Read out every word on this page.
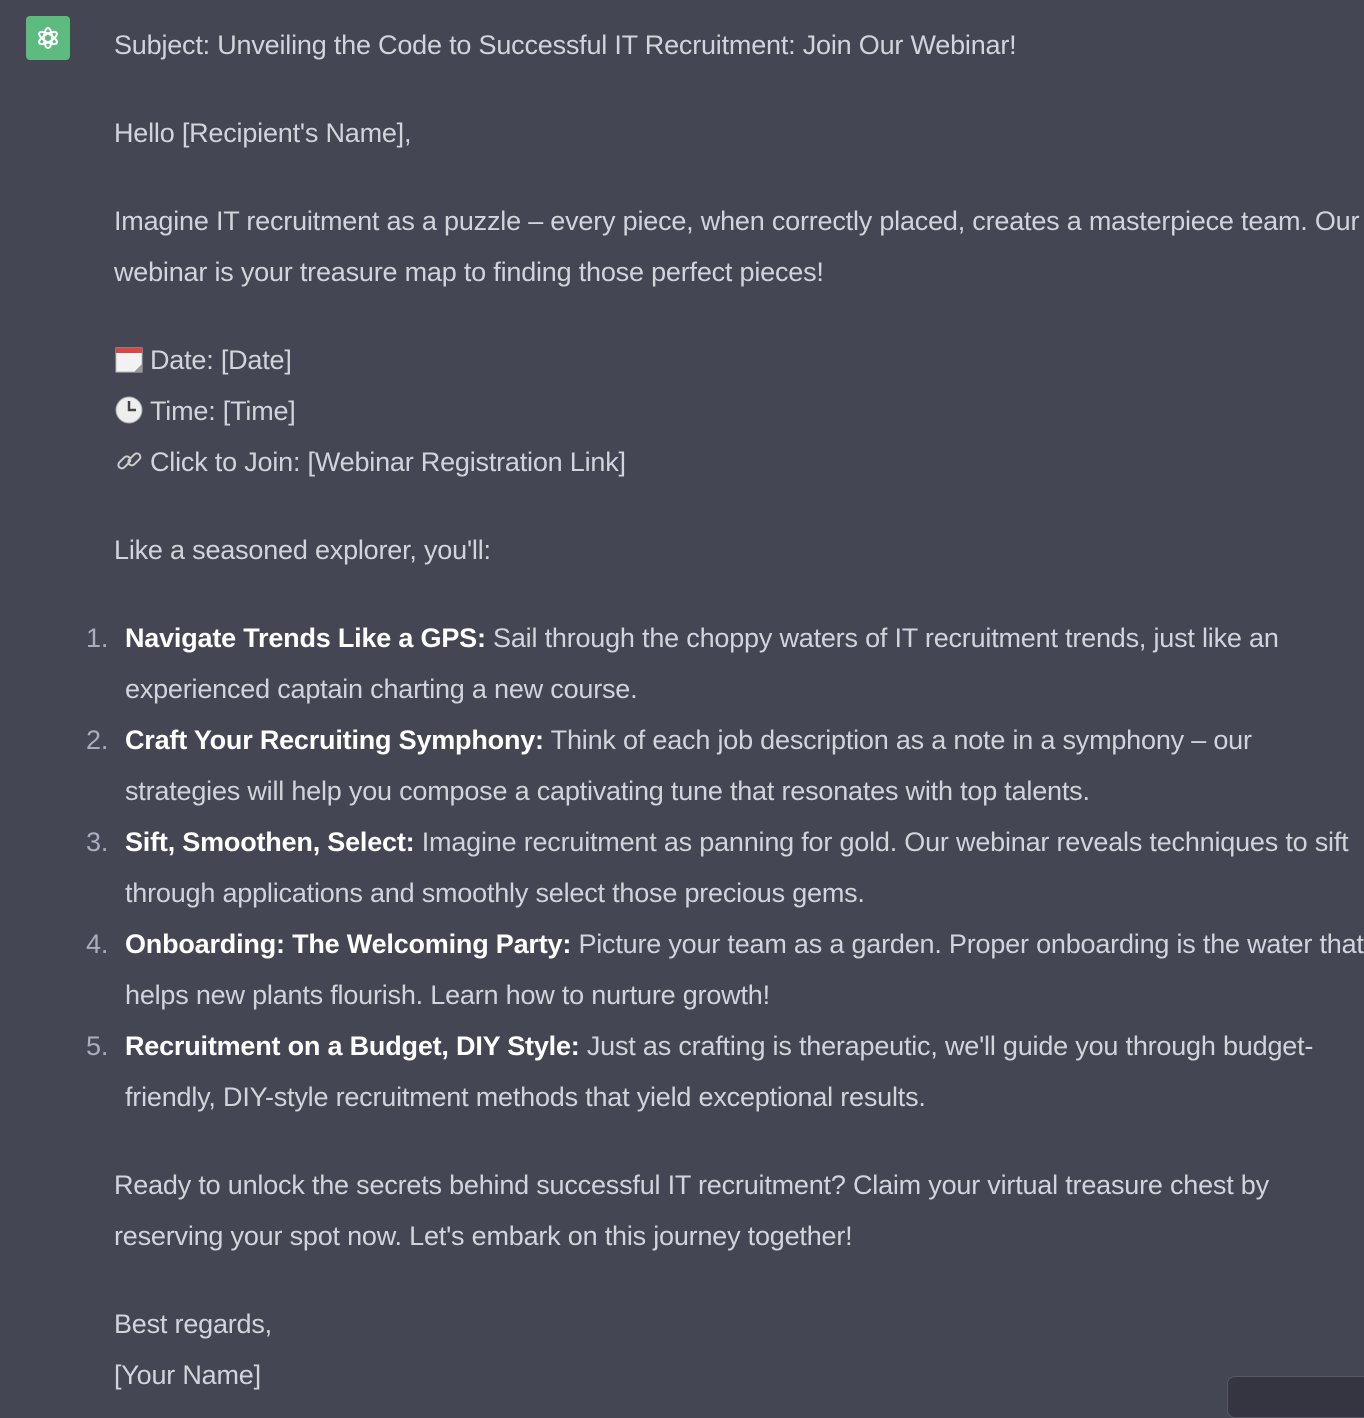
Subject: Unveiling the Code to Successful IT Recruitment: Join Our Webinar!

Hello [Recipient's Name],

Imagine IT recruitment as a puzzle – every piece, when correctly placed, creates a masterpiece team. Our webinar is your treasure map to finding those perfect pieces!

Date: [Date]

Time: [Time]

Click to Join: [Webinar Registration Link]

Like a seasoned explorer, you'll:

1. Navigate Trends Like a GPS: Sail through the choppy waters of IT recruitment trends, just like an experienced captain charting a new course.
2. Craft Your Recruiting Symphony: Think of each job description as a note in a symphony – our strategies will help you compose a captivating tune that resonates with top talents.
3. Sift, Smoothen, Select: Imagine recruitment as panning for gold. Our webinar reveals techniques to sift through applications and smoothly select those precious gems.
4. Onboarding: The Welcoming Party: Picture your team as a garden. Proper onboarding is the water that helps new plants flourish. Learn how to nurture growth!
5. Recruitment on a Budget, DIY Style: Just as crafting is therapeutic, we'll guide you through budget-friendly, DIY-style recruitment methods that yield exceptional results.

Ready to unlock the secrets behind successful IT recruitment? Claim your virtual treasure chest by reserving your spot now. Let's embark on this journey together!

Best regards,

[Your Name]
